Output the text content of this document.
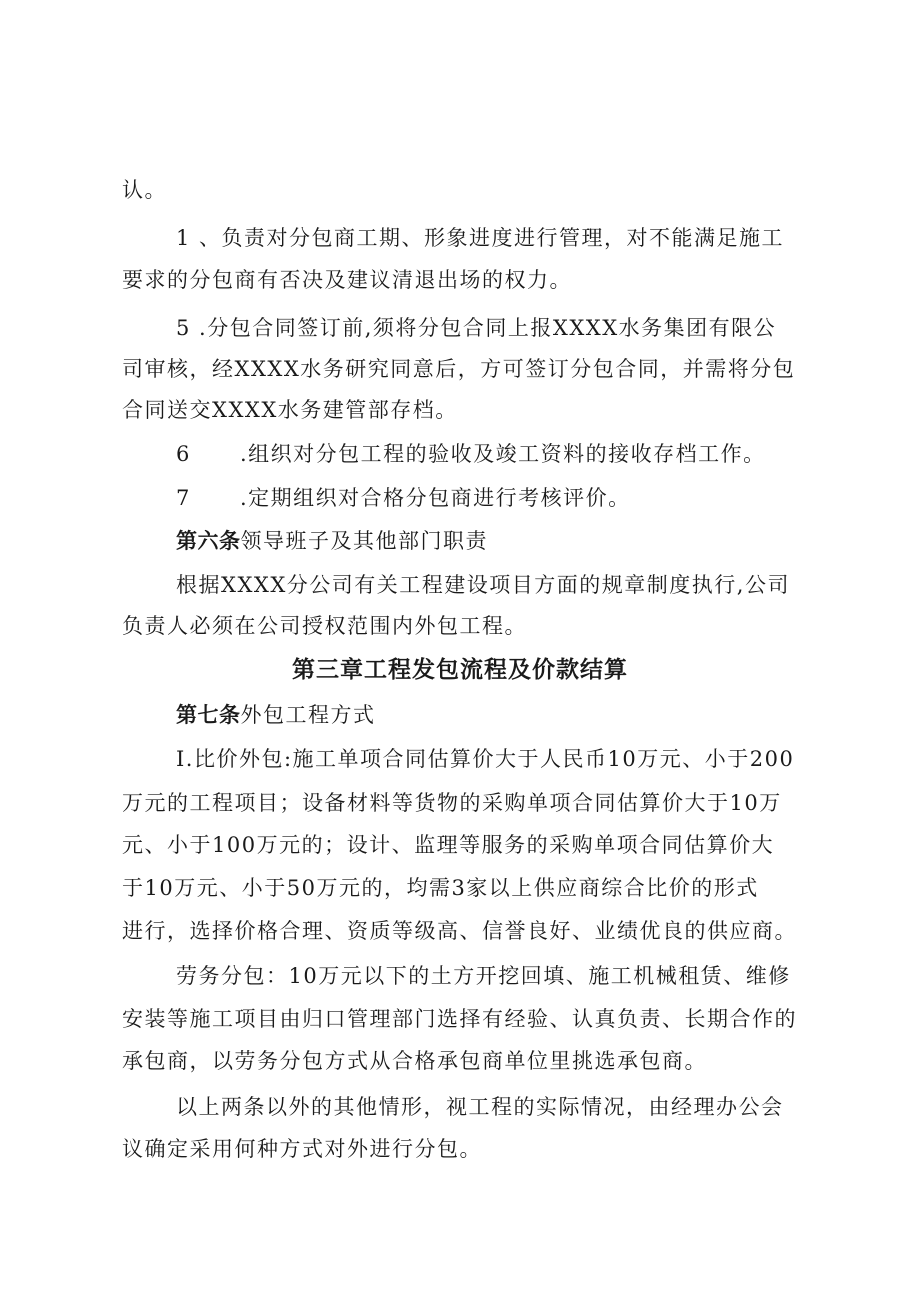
认。
1 、负责对分包商工期、形象进度进行管理，对不能满足施工
要求的分包商有否决及建议清退出场的权力。
5 .分包合同签订前,须将分包合同上报XXXX水务集团有限公
司审核，经XXXX水务研究同意后，方可签订分包合同，并需将分包
合同送交XXXX水务建管部存档。
6 .组织对分包工程的验收及竣工资料的接收存档工作。
7 .定期组织对合格分包商进行考核评价。
第六条领导班子及其他部门职责
根据XXXX分公司有关工程建设项目方面的规章制度执行,公司
负责人必须在公司授权范围内外包工程。
第三章工程发包流程及价款结算
第七条外包工程方式
I.比价外包:施工单项合同估算价大于人民币10万元、小于200
万元的工程项目；设备材料等货物的采购单项合同估算价大于10万
元、小于100万元的；设计、监理等服务的采购单项合同估算价大
于10万元、小于50万元的，均需3家以上供应商综合比价的形式
进行，选择价格合理、资质等级高、信誉良好、业绩优良的供应商。
劳务分包：10万元以下的土方开挖回填、施工机械租赁、维修
安装等施工项目由归口管理部门选择有经验、认真负责、长期合作的
承包商，以劳务分包方式从合格承包商单位里挑选承包商。
以上两条以外的其他情形，视工程的实际情况，由经理办公会
议确定采用何种方式对外进行分包。
